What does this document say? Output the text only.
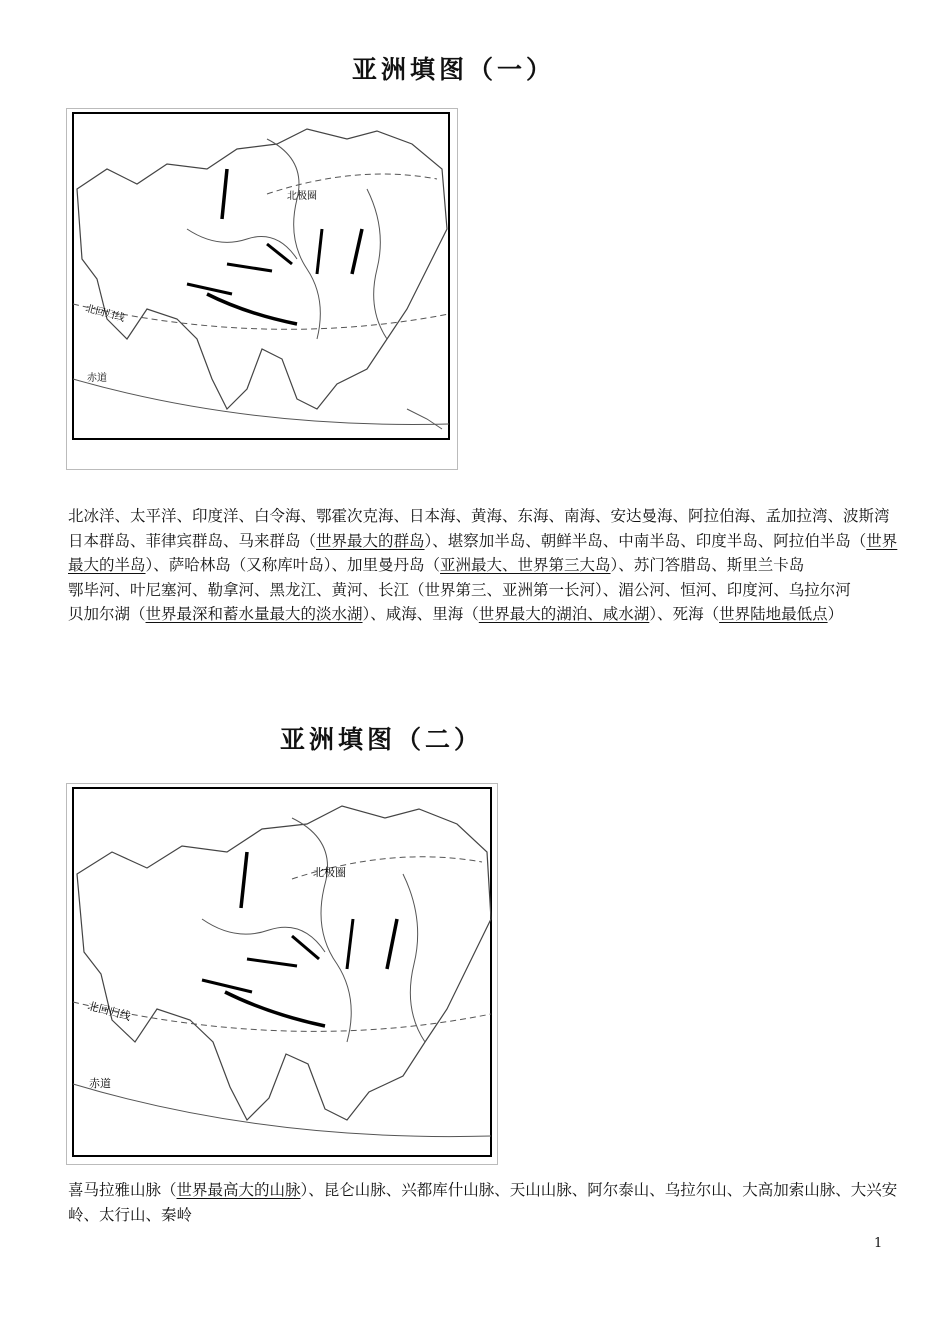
亚洲填图（一）
北极圈
北回归线
赤道

北冰洋、太平洋、印度洋、白令海、鄂霍次克海、日本海、黄海、东海、南海、安达曼海、阿拉伯海、孟加拉湾、波斯湾

日本群岛、菲律宾群岛、马来群岛（世界最大的群岛）、堪察加半岛、朝鲜半岛、中南半岛、印度半岛、阿拉伯半岛（世界最大的半岛）、萨哈林岛（又称库叶岛）、加里曼丹岛（亚洲最大、世界第三大岛）、苏门答腊岛、斯里兰卡岛

鄂毕河、叶尼塞河、勒拿河、黑龙江、黄河、长江（世界第三、亚洲第一长河）、湄公河、恒河、印度河、乌拉尔河

贝加尔湖（世界最深和蓄水量最大的淡水湖）、咸海、里海（世界最大的湖泊、咸水湖）、死海（世界陆地最低点）

亚洲填图（二）
北极圈
北回归线
赤道

喜马拉雅山脉（世界最高大的山脉）、昆仑山脉、兴都库什山脉、天山山脉、阿尔泰山、乌拉尔山、大高加索山脉、大兴安岭、太行山、秦岭

1
